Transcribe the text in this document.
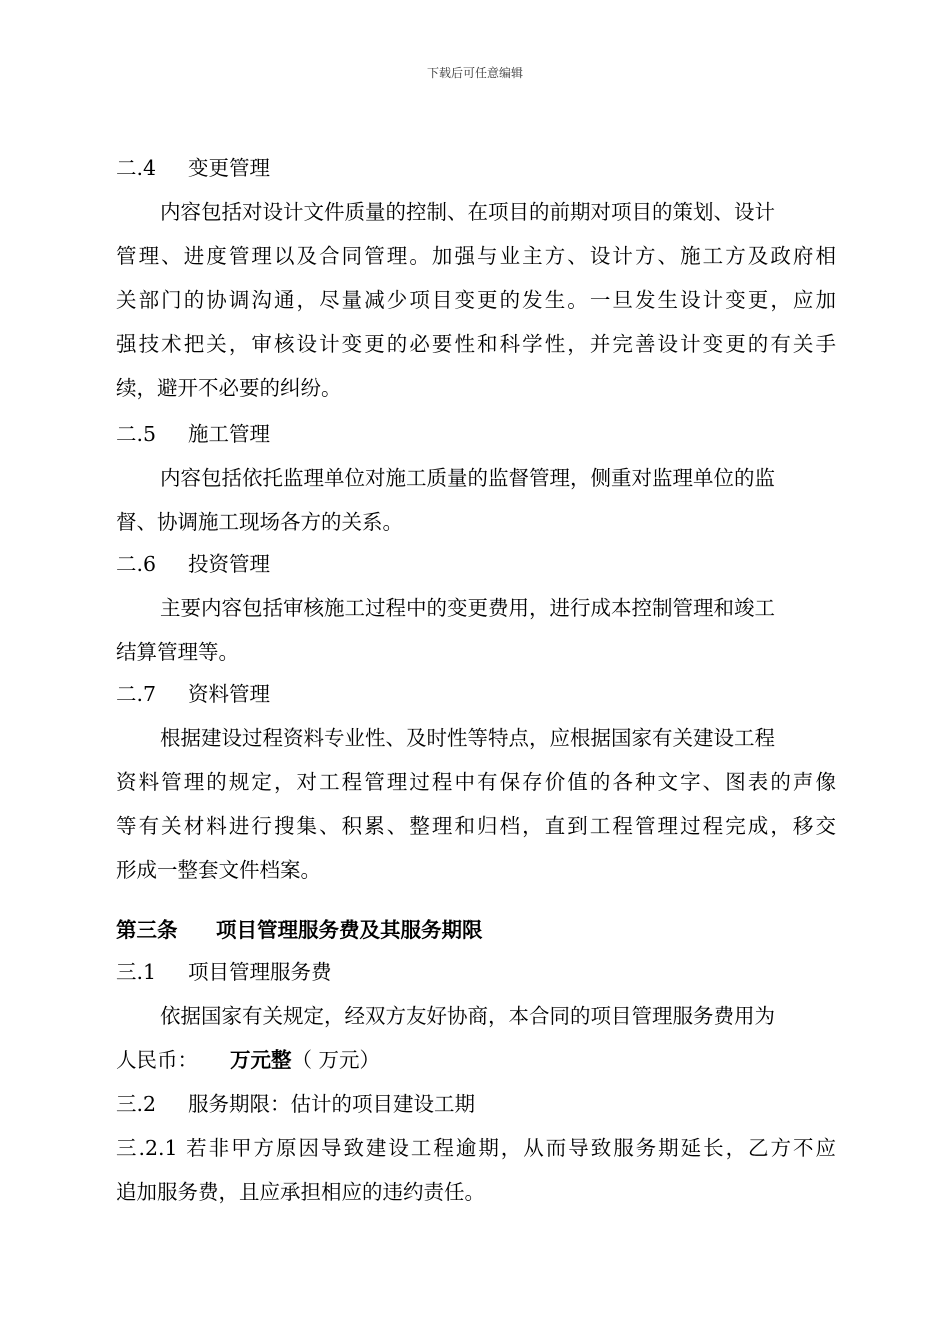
下载后可任意编辑
二.4 变更管理
内容包括对设计文件质量的控制、在项目的前期对项目的策划、设计
管理、进度管理以及合同管理。加强与业主方、设计方、施工方及政府相
关部门的协调沟通，尽量减少项目变更的发生。一旦发生设计变更，应加
强技术把关，审核设计变更的必要性和科学性，并完善设计变更的有关手
续，避开不必要的纠纷。
二.5 施工管理
内容包括依托监理单位对施工质量的监督管理，侧重对监理单位的监
督、协调施工现场各方的关系。
二.6 投资管理
主要内容包括审核施工过程中的变更费用，进行成本控制管理和竣工
结算管理等。
二.7 资料管理
根据建设过程资料专业性、及时性等特点，应根据国家有关建设工程
资料管理的规定，对工程管理过程中有保存价值的各种文字、图表的声像
等有关材料进行搜集、积累、整理和归档，直到工程管理过程完成，移交
形成一整套文件档案。
第三条 项目管理服务费及其服务期限
三.1 项目管理服务费
依据国家有关规定，经双方友好协商，本合同的项目管理服务费用为
人民币： 万元整（ 万元）
三.2 服务期限：估计的项目建设工期
三.2.1 若非甲方原因导致建设工程逾期，从而导致服务期延长，乙方不应
追加服务费，且应承担相应的违约责任。
